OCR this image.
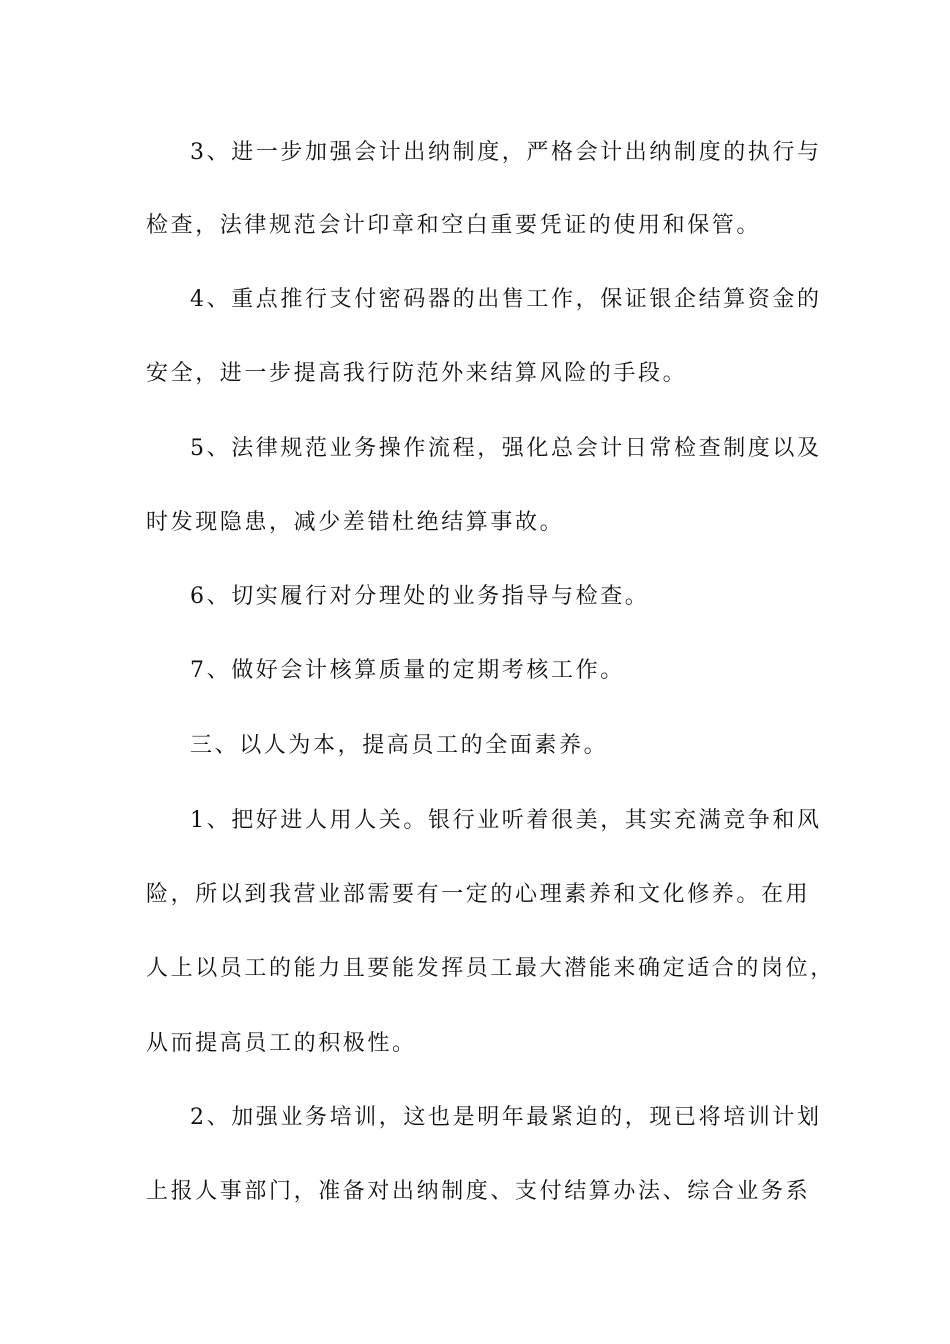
3、进一步加强会计出纳制度，严格会计出纳制度的执行与
检查，法律规范会计印章和空白重要凭证的使用和保管。
4、重点推行支付密码器的出售工作，保证银企结算资金的
安全，进一步提高我行防范外来结算风险的手段。
5、法律规范业务操作流程，强化总会计日常检查制度以及
时发现隐患，减少差错杜绝结算事故。
6、切实履行对分理处的业务指导与检查。
7、做好会计核算质量的定期考核工作。
三、以人为本，提高员工的全面素养。
1、把好进人用人关。银行业听着很美，其实充满竞争和风
险，所以到我营业部需要有一定的心理素养和文化修养。在用
人上以员工的能力且要能发挥员工最大潜能来确定适合的岗位，
从而提高员工的积极性。
2、加强业务培训，这也是明年最紧迫的，现已将培训计划
上报人事部门，准备对出纳制度、支付结算办法、综合业务系
